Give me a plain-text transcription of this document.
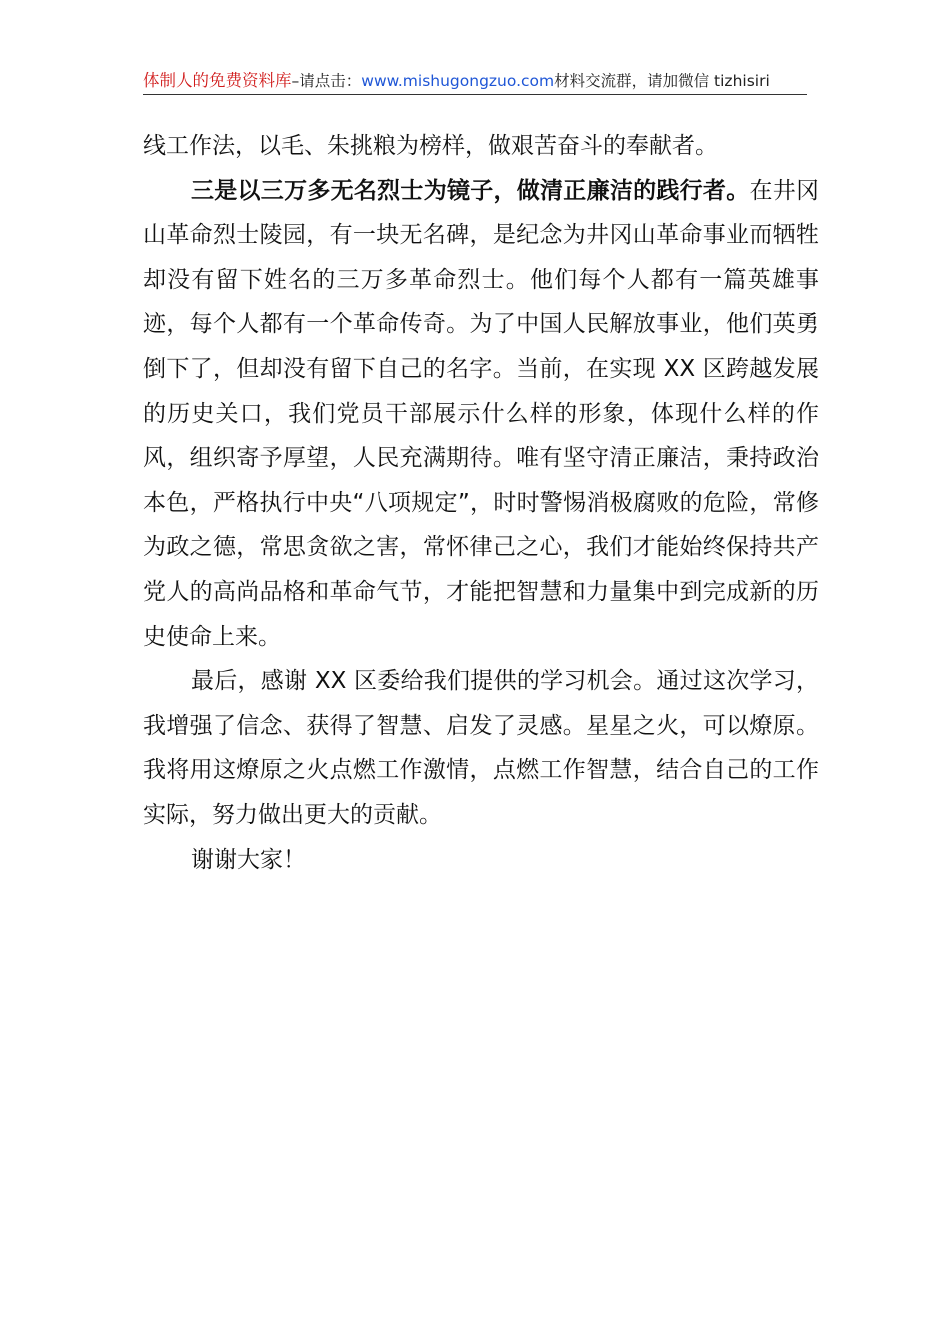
体制人的免费资料库–请点击：www.mishugongzuo.com材料交流群，请加微信 tizhisiri

线工作法，以毛、朱挑粮为榜样，做艰苦奋斗的奉献者。

三是以三万多无名烈士为镜子，做清正廉洁的践行者。在井冈山革命烈士陵园，有一块无名碑，是纪念为井冈山革命事业而牺牲却没有留下姓名的三万多革命烈士。他们每个人都有一篇英雄事迹，每个人都有一个革命传奇。为了中国人民解放事业，他们英勇倒下了，但却没有留下自己的名字。当前，在实现 XX 区跨越发展的历史关口，我们党员干部展示什么样的形象，体现什么样的作风，组织寄予厚望，人民充满期待。唯有坚守清正廉洁，秉持政治本色，严格执行中央“八项规定”，时时警惕消极腐败的危险，常修为政之德，常思贪欲之害，常怀律己之心，我们才能始终保持共产党人的高尚品格和革命气节，才能把智慧和力量集中到完成新的历史使命上来。

最后，感谢 XX 区委给我们提供的学习机会。通过这次学习，我增强了信念、获得了智慧、启发了灵感。星星之火，可以燎原。我将用这燎原之火点燃工作激情，点燃工作智慧，结合自己的工作实际，努力做出更大的贡献。

谢谢大家！
